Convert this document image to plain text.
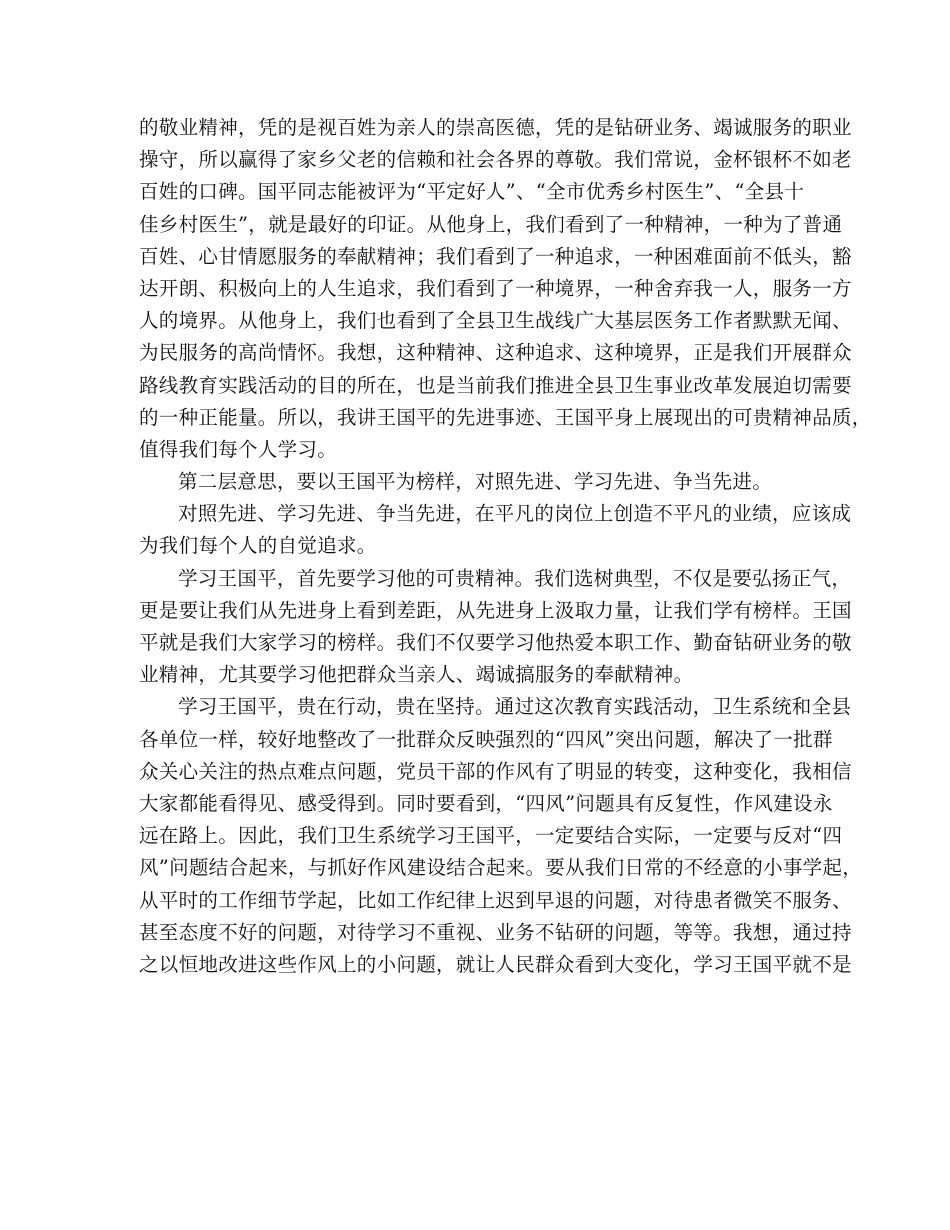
的敬业精神，凭的是视百姓为亲人的崇高医德，凭的是钻研业务、竭诚服务的职业
操守，所以赢得了家乡父老的信赖和社会各界的尊敬。我们常说，金杯银杯不如老
百姓的口碑。国平同志能被评为“平定好人”、“全市优秀乡村医生”、“全县十
佳乡村医生”，就是最好的印证。从他身上，我们看到了一种精神，一种为了普通
百姓、心甘情愿服务的奉献精神；我们看到了一种追求，一种困难面前不低头，豁
达开朗、积极向上的人生追求，我们看到了一种境界，一种舍弃我一人，服务一方
人的境界。从他身上，我们也看到了全县卫生战线广大基层医务工作者默默无闻、
为民服务的高尚情怀。我想，这种精神、这种追求、这种境界，正是我们开展群众
路线教育实践活动的目的所在，也是当前我们推进全县卫生事业改革发展迫切需要
的一种正能量。所以，我讲王国平的先进事迹、王国平身上展现出的可贵精神品质，
值得我们每个人学习。
第二层意思，要以王国平为榜样，对照先进、学习先进、争当先进。
对照先进、学习先进、争当先进，在平凡的岗位上创造不平凡的业绩，应该成
为我们每个人的自觉追求。
学习王国平，首先要学习他的可贵精神。我们选树典型，不仅是要弘扬正气，
更是要让我们从先进身上看到差距，从先进身上汲取力量，让我们学有榜样。王国
平就是我们大家学习的榜样。我们不仅要学习他热爱本职工作、勤奋钻研业务的敬
业精神，尤其要学习他把群众当亲人、竭诚搞服务的奉献精神。
学习王国平，贵在行动，贵在坚持。通过这次教育实践活动，卫生系统和全县
各单位一样，较好地整改了一批群众反映强烈的“四风”突出问题，解决了一批群
众关心关注的热点难点问题，党员干部的作风有了明显的转变，这种变化，我相信
大家都能看得见、感受得到。同时要看到，“四风”问题具有反复性，作风建设永
远在路上。因此，我们卫生系统学习王国平，一定要结合实际，一定要与反对“四
风”问题结合起来，与抓好作风建设结合起来。要从我们日常的不经意的小事学起，
从平时的工作细节学起，比如工作纪律上迟到早退的问题，对待患者微笑不服务、
甚至态度不好的问题，对待学习不重视、业务不钻研的问题，等等。我想，通过持
之以恒地改进这些作风上的小问题，就让人民群众看到大变化，学习王国平就不是
